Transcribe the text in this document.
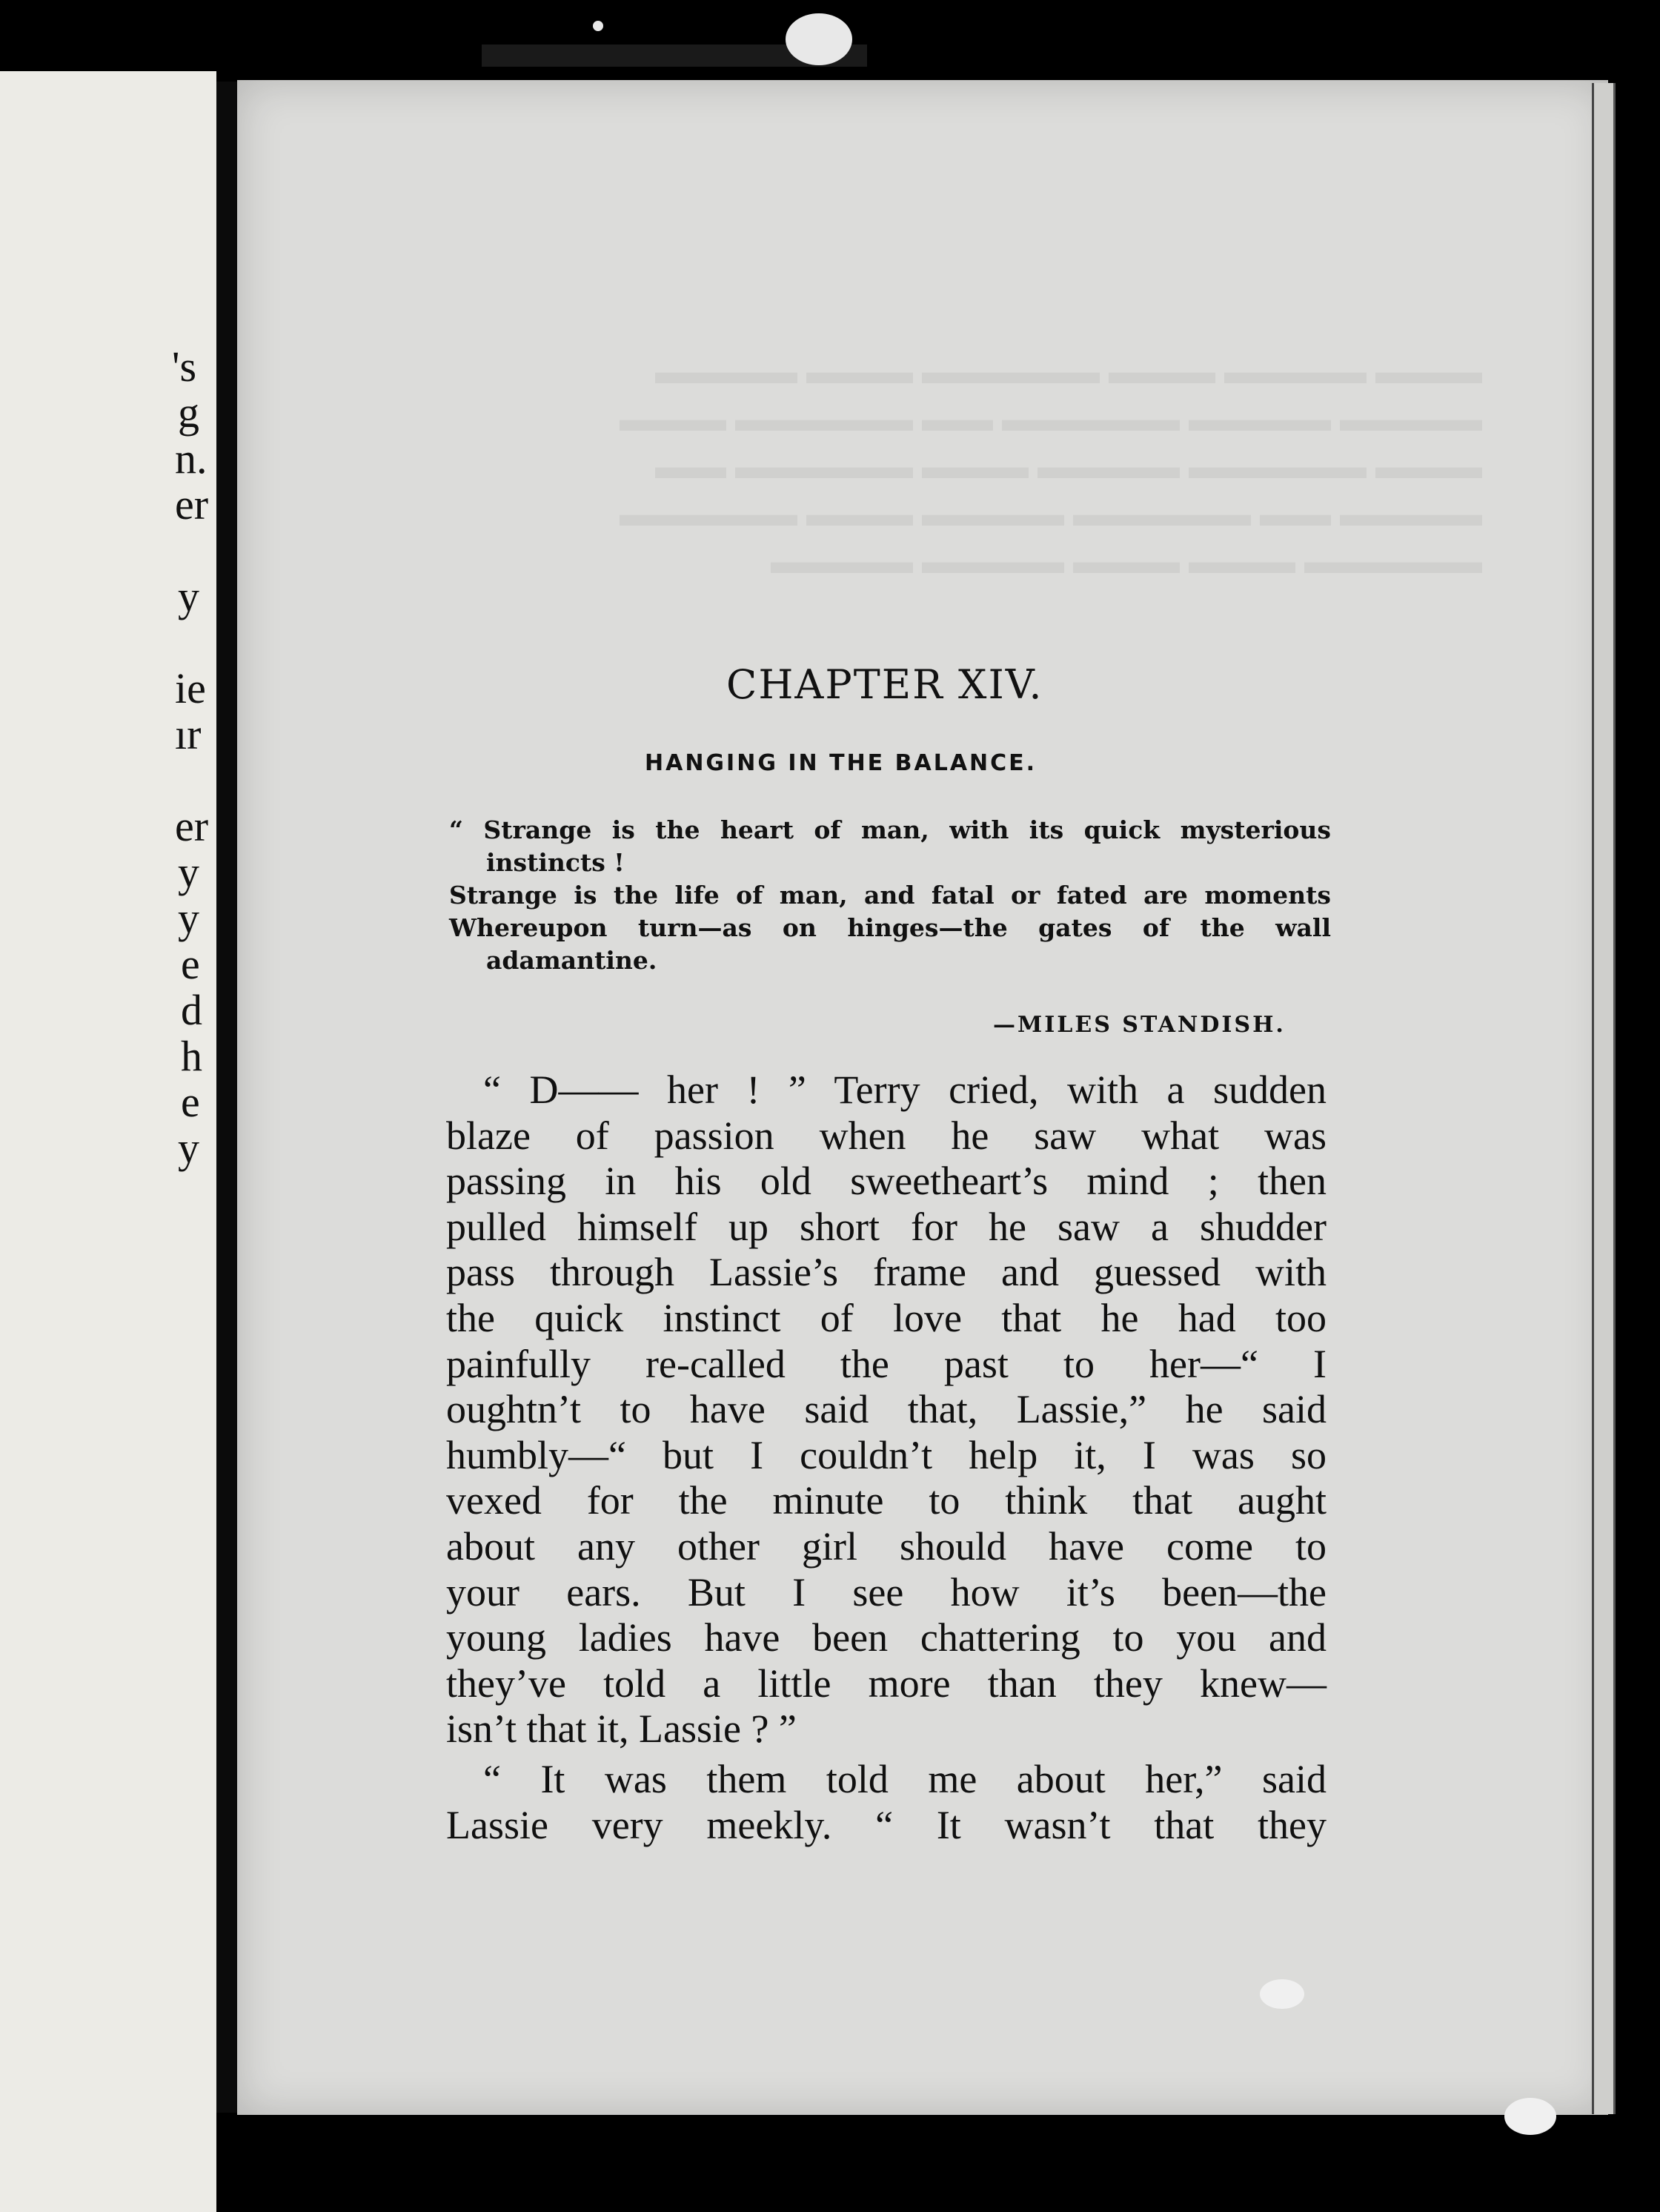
's
g
n.
er
y
ie
ır
er
y
y
e
d
h
e
y
▬▬▬ ▬▬▬▬ ▬▬▬ ▬▬▬▬▬ ▬▬▬ ▬▬▬▬
▬▬▬▬ ▬▬▬▬ ▬▬▬▬▬ ▬▬ ▬▬▬▬▬ ▬▬▬
▬▬▬ ▬▬▬▬▬ ▬▬▬▬ ▬▬▬ ▬▬▬▬▬ ▬▬
▬▬▬▬ ▬▬ ▬▬▬▬▬ ▬▬▬▬ ▬▬▬ ▬▬▬▬▬
▬▬▬▬▬ ▬▬▬ ▬▬▬ ▬▬▬▬ ▬▬▬▬
CHAPTER XIV.
HANGING IN THE BALANCE.
“ Strange is the heart of man, with its quick mysterious
instincts !
Strange is the life of man, and fatal or fated are moments
Whereupon turn—as on hinges—the gates of the wall
adamantine.
—MILES STANDISH.
“ D—— her ! ” Terry cried, with a sudden
blaze of passion when he saw what was
passing in his old sweetheart’s mind ; then
pulled himself up short for he saw a shudder
pass through Lassie’s frame and guessed with
the quick instinct of love that he had too
painfully re-called the past to her—“ I
oughtn’t to have said that, Lassie,” he said
humbly—“ but I couldn’t help it, I was so
vexed for the minute to think that aught
about any other girl should have come to
your ears. But I see how it’s been—the
young ladies have been chattering to you and
they’ve told a little more than they knew—
isn’t that it, Lassie ? ”
“ It was them told me about her,” said
Lassie very meekly. “ It wasn’t that they
